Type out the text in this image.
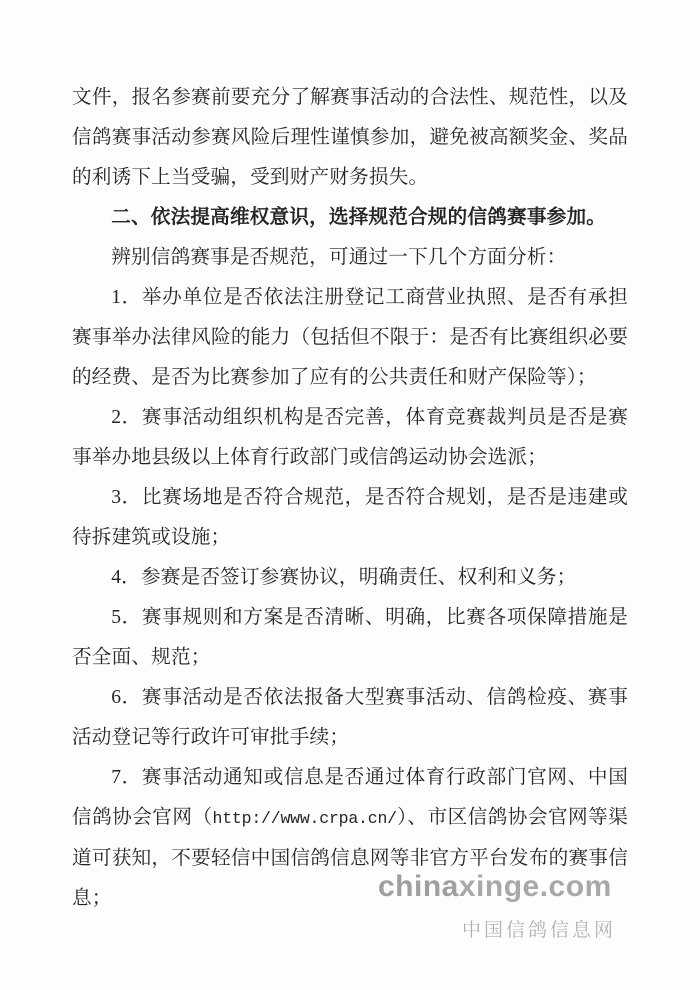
文件，报名参赛前要充分了解赛事活动的合法性、规范性，以及信鸽赛事活动参赛风险后理性谨慎参加，避免被高额奖金、奖品的利诱下上当受骗，受到财产财务损失。

二、依法提高维权意识，选择规范合规的信鸽赛事参加。

辨别信鸽赛事是否规范，可通过一下几个方面分析：

1．举办单位是否依法注册登记工商营业执照、是否有承担赛事举办法律风险的能力（包括但不限于：是否有比赛组织必要的经费、是否为比赛参加了应有的公共责任和财产保险等）；

2．赛事活动组织机构是否完善，体育竞赛裁判员是否是赛事举办地县级以上体育行政部门或信鸽运动协会选派；

3．比赛场地是否符合规范，是否符合规划，是否是违建或待拆建筑或设施；

4．参赛是否签订参赛协议，明确责任、权利和义务；

5．赛事规则和方案是否清晰、明确，比赛各项保障措施是否全面、规范；

6．赛事活动是否依法报备大型赛事活动、信鸽检疫、赛事活动登记等行政许可审批手续；

7．赛事活动通知或信息是否通过体育行政部门官网、中国信鸽协会官网（http://www.crpa.cn/）、市区信鸽协会官网等渠道可获知，不要轻信中国信鸽信息网等非官方平台发布的赛事信息；	chinaxinge.com
中国信鸽信息网
